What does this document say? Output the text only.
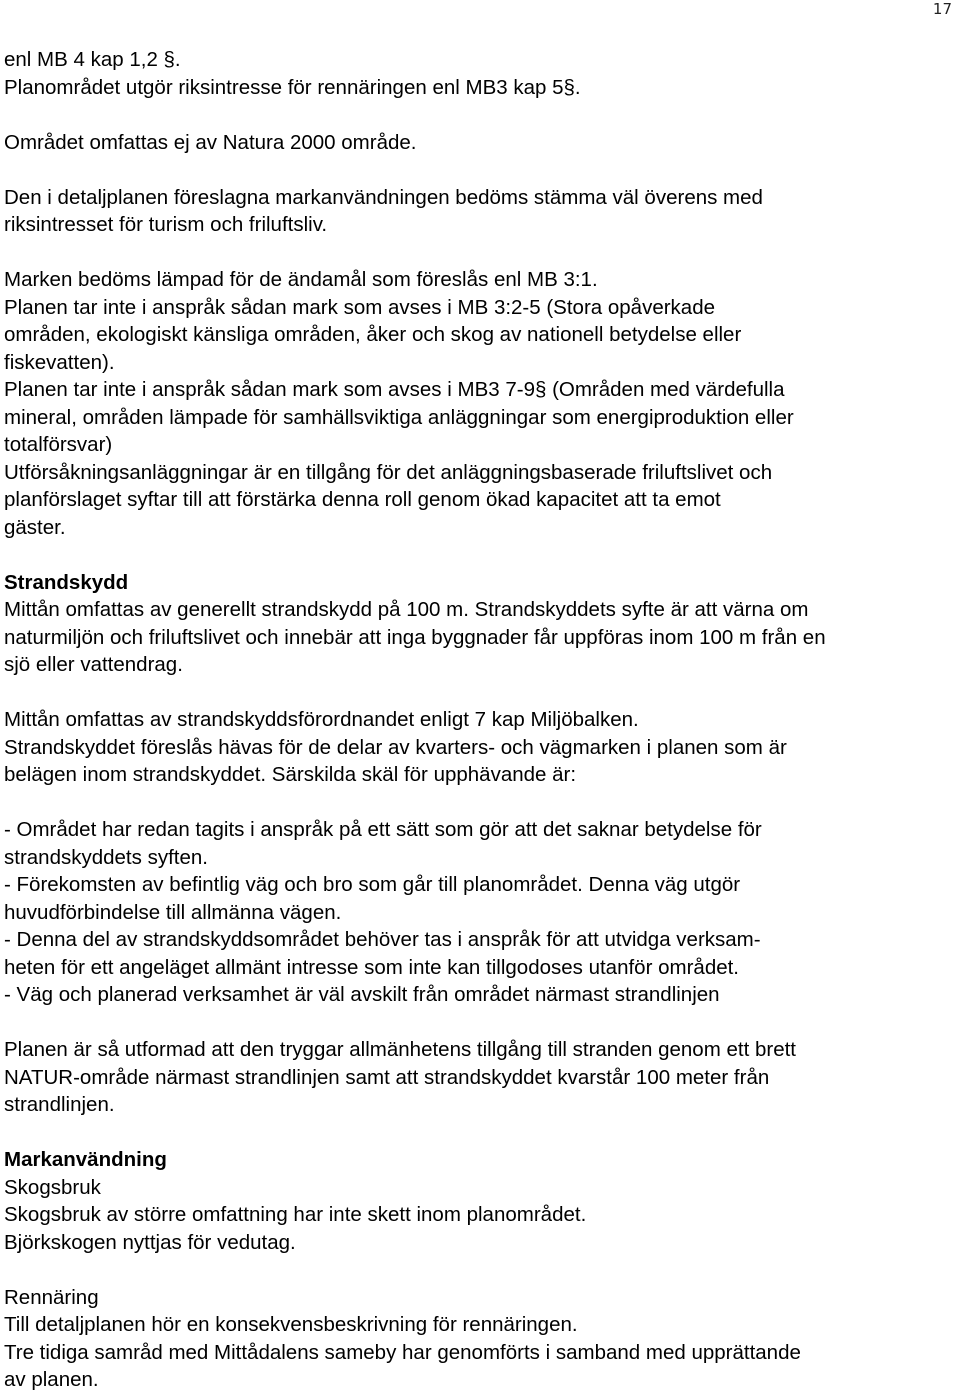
17

enl MB 4 kap 1,2 §.
Planområdet utgör riksintresse för rennäringen enl MB3 kap 5§.

Området omfattas ej av Natura 2000 område.

Den i detaljplanen föreslagna markanvändningen bedöms stämma väl överens med
riksintresset för turism och friluftsliv.

Marken bedöms lämpad för de ändamål som föreslås enl MB 3:1.
Planen tar inte i anspråk sådan mark som avses i MB 3:2-5 (Stora opåverkade
områden, ekologiskt känsliga områden, åker och skog av nationell betydelse eller
fiskevatten).
Planen tar inte i anspråk sådan mark som avses i MB3 7-9§ (Områden med värdefulla
mineral, områden lämpade för samhällsviktiga anläggningar som energiproduktion eller
totalförsvar)
Utförsåkningsanläggningar är en tillgång för det anläggningsbaserade friluftslivet och
planförslaget syftar till att förstärka denna roll genom ökad kapacitet att ta emot
gäster.

Strandskydd

Mittån omfattas av generellt strandskydd på 100 m. Strandskyddets syfte är att värna om
naturmiljön och friluftslivet och innebär att inga byggnader får uppföras inom 100 m från en
sjö eller vattendrag.

Mittån omfattas av strandskyddsförordnandet enligt 7 kap Miljöbalken.
Strandskyddet föreslås hävas för de delar av kvarters- och vägmarken i planen som är
belägen inom strandskyddet. Särskilda skäl för upphävande är:

- Området har redan tagits i anspråk på ett sätt som gör att det saknar betydelse för
strandskyddets syften.
- Förekomsten av befintlig väg och bro som går till planområdet. Denna väg utgör
huvudförbindelse till allmänna vägen.
- Denna del av strandskyddsområdet behöver tas i anspråk för att utvidga verksam-
heten för ett angeläget allmänt intresse som inte kan tillgodoses utanför området.
- Väg och planerad verksamhet är väl avskilt från området närmast strandlinjen

Planen är så utformad att den tryggar allmänhetens tillgång till stranden genom ett brett
NATUR-område närmast strandlinjen samt att strandskyddet kvarstår 100 meter från
strandlinjen.

Markanvändning

Skogsbruk
Skogsbruk av större omfattning har inte skett inom planområdet.
Björkskogen nyttjas för vedutag.

Rennäring
Till detaljplanen hör en konsekvensbeskrivning för rennäringen.
Tre tidiga samråd med Mittådalens sameby har genomförts i samband med upprättande
av planen.
